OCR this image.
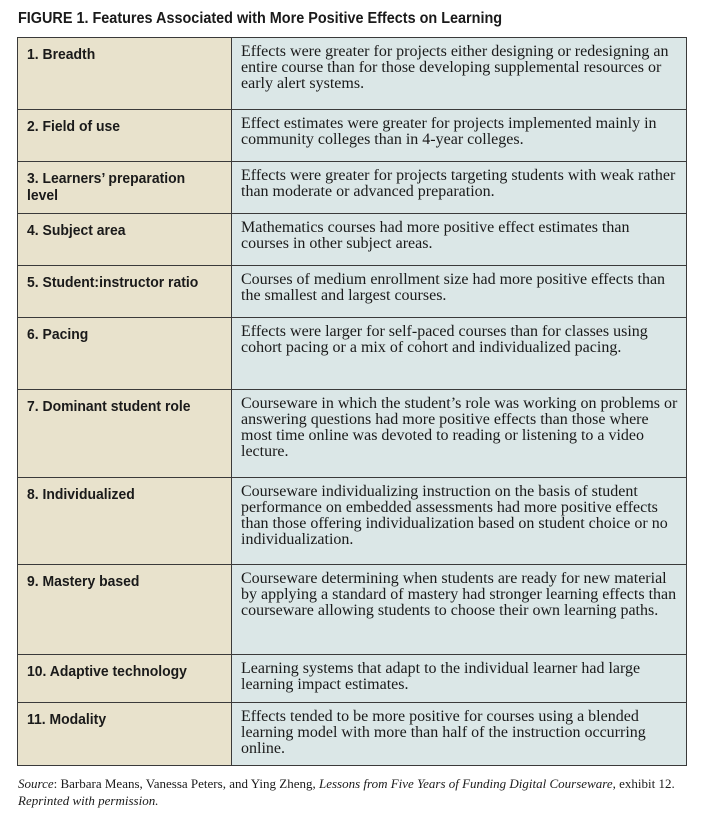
FIGURE 1. Features Associated with More Positive Effects on Learning
1. Breadth	Effects were greater for projects either designing or redesigning an entire course than for those developing supplemental resources or early alert systems.
2. Field of use	Effect estimates were greater for projects implemented mainly in community colleges than in 4-year colleges.
3. Learners’ preparation
level	Effects were greater for projects targeting students with weak rather than moderate or advanced preparation.
4. Subject area	Mathematics courses had more positive effect estimates than courses in other subject areas.
5. Student:instructor ratio	Courses of medium enrollment size had more positive effects than the smallest and largest courses.
6. Pacing	Effects were larger for self-paced courses than for classes using cohort pacing or a mix of cohort and individualized pacing.
7. Dominant student role	Courseware in which the student’s role was working on problems or answering questions had more positive effects than those where most time online was devoted to reading or listening to a video lecture.
8. Individualized	Courseware individualizing instruction on the basis of student performance on embedded assessments had more positive effects than those offering individualization based on student choice or no individualization.
9. Mastery based	Courseware determining when students are ready for new material by applying a standard of mastery had stronger learning effects than courseware allowing students to choose their own learning paths.
10. Adaptive technology	Learning systems that adapt to the individual learner had large learning impact estimates.
11. Modality	Effects tended to be more positive for courses using a blended learning model with more than half of the instruction occurring online.
Source: Barbara Means, Vanessa Peters, and Ying Zheng, Lessons from Five Years of Funding Digital Courseware, exhibit 12.
Reprinted with permission.
